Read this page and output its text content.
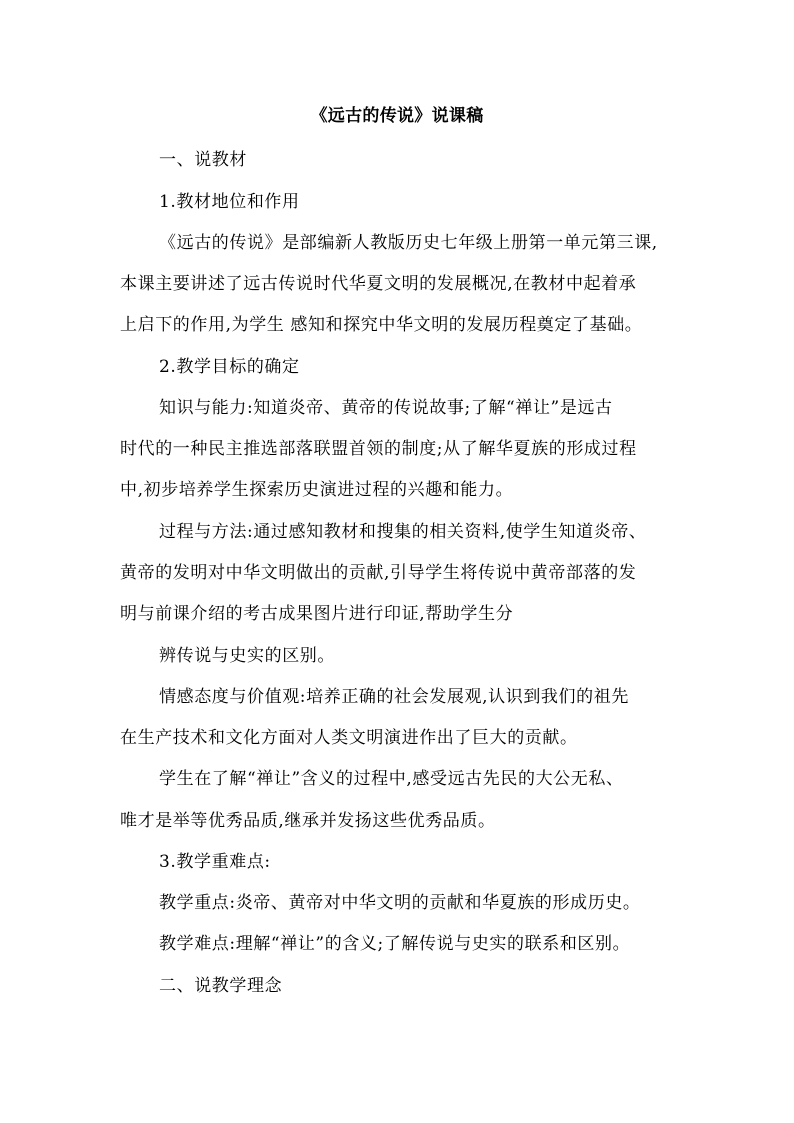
《远古的传说》说课稿
一、说教材
1.教材地位和作用
《远古的传说》是部编新人教版历史七年级上册第一单元第三课,
本课主要讲述了远古传说时代华夏文明的发展概况,在教材中起着承
上启下的作用,为学生 感知和探究中华文明的发展历程奠定了基础。
2.教学目标的确定
知识与能力:知道炎帝、黄帝的传说故事;了解“禅让”是远古
时代的一种民主推选部落联盟首领的制度;从了解华夏族的形成过程
中,初步培养学生探索历史演进过程的兴趣和能力。
过程与方法:通过感知教材和搜集的相关资料,使学生知道炎帝、
黄帝的发明对中华文明做出的贡献,引导学生将传说中黄帝部落的发
明与前课介绍的考古成果图片进行印证,帮助学生分
辨传说与史实的区别。
情感态度与价值观:培养正确的社会发展观,认识到我们的祖先
在生产技术和文化方面对人类文明演进作出了巨大的贡献。
学生在了解“禅让”含义的过程中,感受远古先民的大公无私、
唯才是举等优秀品质,继承并发扬这些优秀品质。
3.教学重难点:
教学重点:炎帝、黄帝对中华文明的贡献和华夏族的形成历史。
教学难点:理解“禅让”的含义;了解传说与史实的联系和区别。
二、说教学理念
